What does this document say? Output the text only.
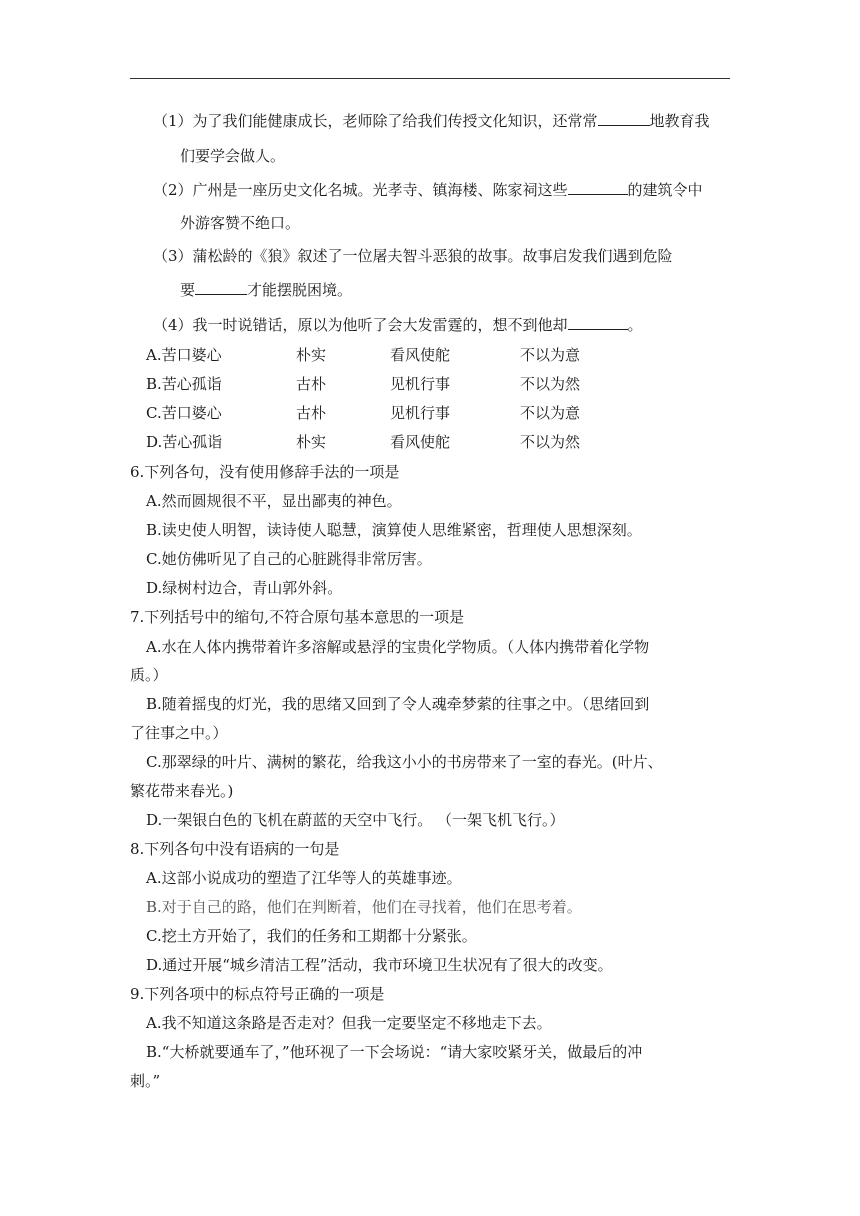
（1）为了我们能健康成长，老师除了给我们传授文化知识，还常常	地教育我
们要学会做人。
（2）广州是一座历史文化名城。光孝寺、镇海楼、陈家祠这些	的建筑令中
外游客赞不绝口。
（3）蒲松龄的《狼》叙述了一位屠夫智斗恶狼的故事。故事启发我们遇到危险
要	才能摆脱困境。
（4）我一时说错话，原以为他听了会大发雷霆的，想不到他却	。
A.苦口婆心	朴实	看风使舵	不以为意
B.苦心孤诣	古朴	见机行事	不以为然
C.苦口婆心	古朴	见机行事	不以为意
D.苦心孤诣	朴实	看风使舵	不以为然
6.下列各句，没有使用修辞手法的一项是
A.然而圆规很不平，显出鄙夷的神色。
B.读史使人明智，读诗使人聪慧，演算使人思维紧密，哲理使人思想深刻。
C.她仿佛听见了自己的心脏跳得非常厉害。
D.绿树村边合，青山郭外斜。
7.下列括号中的缩句,不符合原句基本意思的一项是
A.水在人体内携带着许多溶解或悬浮的宝贵化学物质。（人体内携带着化学物
质。）
B.随着摇曳的灯光，我的思绪又回到了令人魂牵梦萦的往事之中。（思绪回到
了往事之中。）
C.那翠绿的叶片、满树的繁花，给我这小小的书房带来了一室的春光。(叶片、
繁花带来春光。)
D.一架银白色的飞机在蔚蓝的天空中飞行。 （一架飞机飞行。）
8.下列各句中没有语病的一句是
A.这部小说成功的塑造了江华等人的英雄事迹。
B.对于自己的路，他们在判断着，他们在寻找着，他们在思考着。
C.挖土方开始了，我们的任务和工期都十分紧张。
D.通过开展“城乡清洁工程”活动，我市环境卫生状况有了很大的改变。
9.下列各项中的标点符号正确的一项是
A.我不知道这条路是否走对？但我一定要坚定不移地走下去。
B.“大桥就要通车了，”他环视了一下会场说：“请大家咬紧牙关，做最后的冲
刺。”
